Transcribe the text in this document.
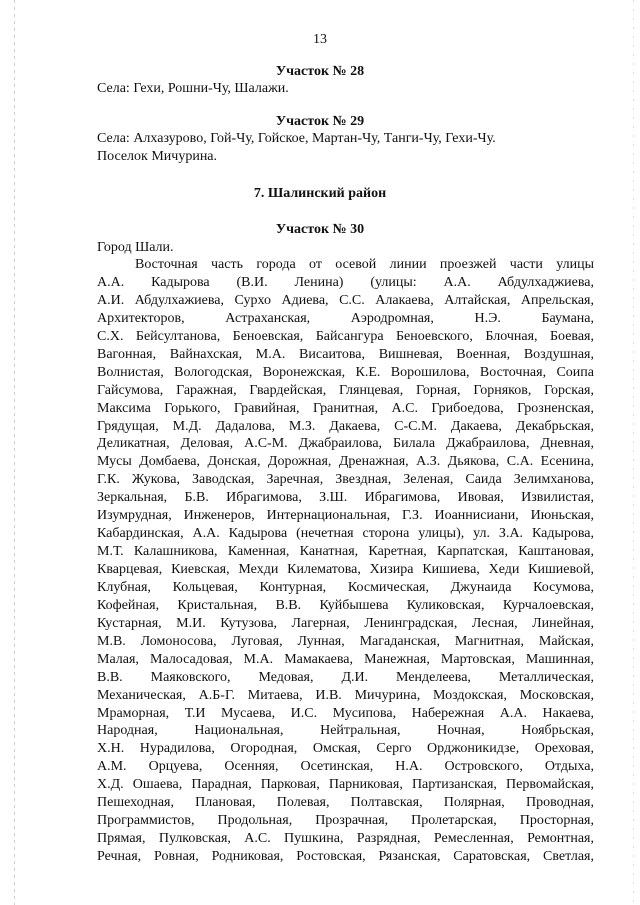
13
Участок № 28
Села: Гехи, Рошни-Чу, Шалажи.
Участок № 29
Села: Алхазурово, Гой-Чу, Гойское, Мартан-Чу, Танги-Чу, Гехи-Чу.
Поселок Мичурина.
7. Шалинский район
Участок № 30
Город Шали.
Восточная часть города от осевой линии проезжей части улицы
А.А. Кадырова (В.И. Ленина) (улицы: А.А. Абдулхаджиева,
А.И. Абдулхажиева, Сурхо Адиева, С.С. Алакаева, Алтайская, Апрельская,
Архитекторов, Астраханская, Аэродромная, Н.Э. Баумана,
С.Х. Бейсултанова, Беноевская, Байсангура Беноевского, Блочная, Боевая,
Вагонная, Вайнахская, М.А. Висаитова, Вишневая, Военная, Воздушная,
Волнистая, Вологодская, Воронежская, К.Е. Ворошилова, Восточная, Соипа
Гайсумова, Гаражная, Гвардейская, Глянцевая, Горная, Горняков, Горская,
Максима Горького, Гравийная, Гранитная, А.С. Грибоедова, Грозненская,
Грядущая, М.Д. Дадалова, М.З. Дакаева, С-С.М. Дакаева, Декабрьская,
Деликатная, Деловая, А.С-М. Джабраилова, Билала Джабраилова, Дневная,
Мусы Домбаева, Донская, Дорожная, Дренажная, А.З. Дьякова, С.А. Есенина,
Г.К. Жукова, Заводская, Заречная, Звездная, Зеленая, Саида Зелимханова,
Зеркальная, Б.В. Ибрагимова, З.Ш. Ибрагимова, Ивовая, Извилистая,
Изумрудная, Инженеров, Интернациональная, Г.З. Иоаннисиани, Июньская,
Кабардинская, А.А. Кадырова (нечетная сторона улицы), ул. З.А. Кадырова,
М.Т. Калашникова, Каменная, Канатная, Каретная, Карпатская, Каштановая,
Кварцевая, Киевская, Мехди Килематова, Хизира Кишиева, Хеди Кишиевой,
Клубная, Кольцевая, Контурная, Космическая, Джунаида Косумова,
Кофейная, Кристальная, В.В. Куйбышева Куликовская, Курчалоевская,
Кустарная, М.И. Кутузова, Лагерная, Ленинградская, Лесная, Линейная,
М.В. Ломоносова, Луговая, Лунная, Магаданская, Магнитная, Майская,
Малая, Малосадовая, М.А. Мамакаева, Манежная, Мартовская, Машинная,
В.В. Маяковского, Медовая, Д.И. Менделеева, Металлическая,
Механическая, А.Б-Г. Митаева, И.В. Мичурина, Моздокская, Московская,
Мраморная, Т.И Мусаева, И.С. Мусипова, Набережная А.А. Накаева,
Народная, Национальная, Нейтральная, Ночная, Ноябрьская,
Х.Н. Нурадилова, Огородная, Омская, Серго Орджоникидзе, Ореховая,
А.М. Орцуева, Осенняя, Осетинская, Н.А. Островского, Отдыха,
Х.Д. Ошаева, Парадная, Парковая, Парниковая, Партизанская, Первомайская,
Пешеходная, Плановая, Полевая, Полтавская, Полярная, Проводная,
Программистов, Продольная, Прозрачная, Пролетарская, Просторная,
Прямая, Пулковская, А.С. Пушкина, Разрядная, Ремесленная, Ремонтная,
Речная, Ровная, Родниковая, Ростовская, Рязанская, Саратовская, Светлая,
